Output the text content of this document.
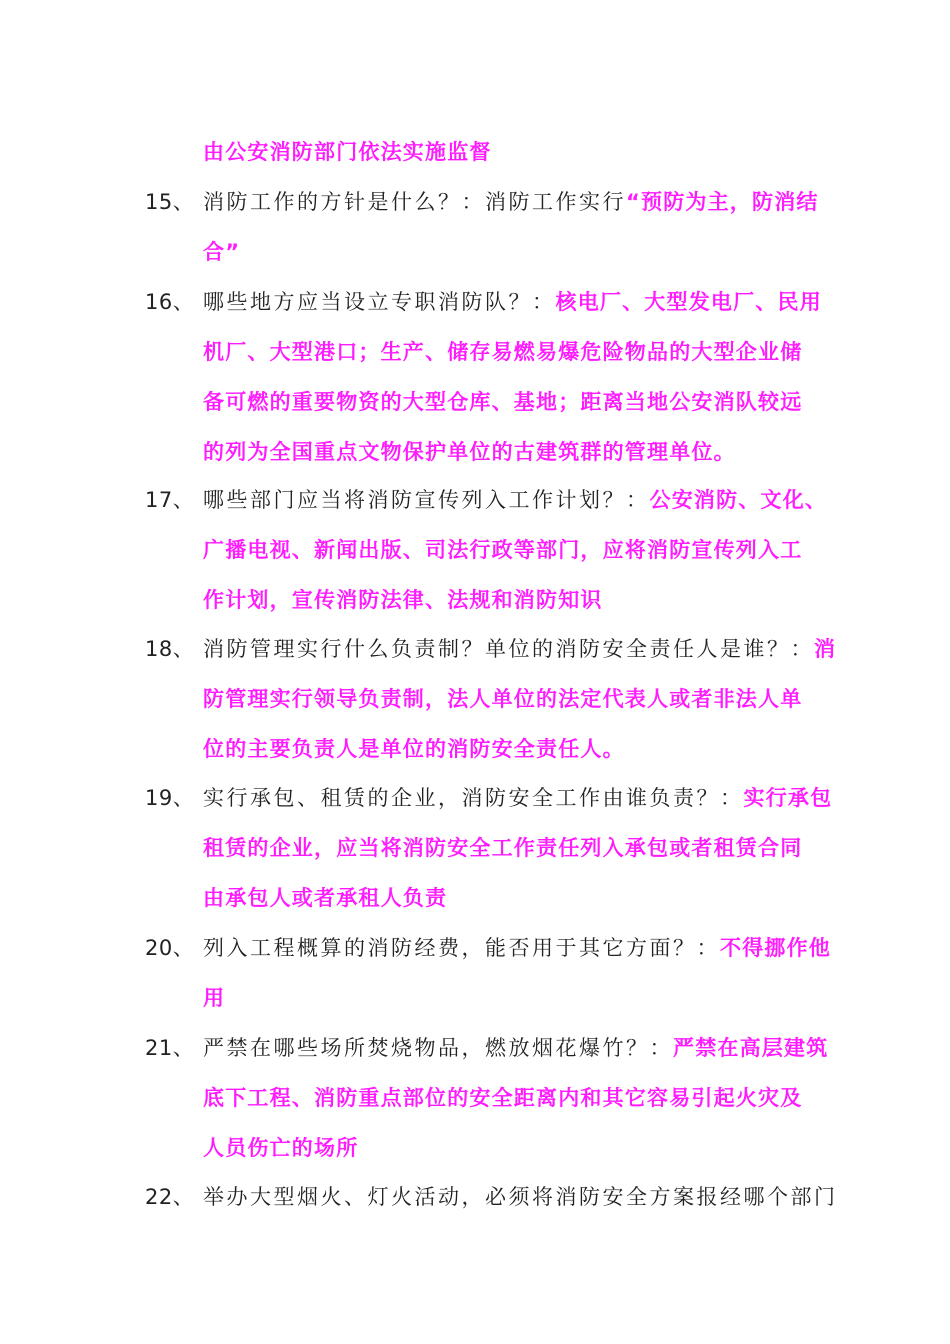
由公安消防部门依法实施监督
15、 消防工作的方针是什么？：消防工作实行“预防为主，防消结
合”
16、 哪些地方应当设立专职消防队？：核电厂、大型发电厂、民用
机厂、大型港口；生产、储存易燃易爆危险物品的大型企业储
备可燃的重要物资的大型仓库、基地；距离当地公安消队较远
的列为全国重点文物保护单位的古建筑群的管理单位。
17、 哪些部门应当将消防宣传列入工作计划？：公安消防、文化、
广播电视、新闻出版、司法行政等部门，应将消防宣传列入工
作计划，宣传消防法律、法规和消防知识
18、 消防管理实行什么负责制？单位的消防安全责任人是谁？：消
防管理实行领导负责制，法人单位的法定代表人或者非法人单
位的主要负责人是单位的消防安全责任人。
19、 实行承包、租赁的企业，消防安全工作由谁负责？：实行承包
租赁的企业，应当将消防安全工作责任列入承包或者租赁合同
由承包人或者承租人负责
20、 列入工程概算的消防经费，能否用于其它方面？：不得挪作他
用
21、 严禁在哪些场所焚烧物品，燃放烟花爆竹？：严禁在高层建筑
底下工程、消防重点部位的安全距离内和其它容易引起火灾及
人员伤亡的场所
22、 举办大型烟火、灯火活动，必须将消防安全方案报经哪个部门
